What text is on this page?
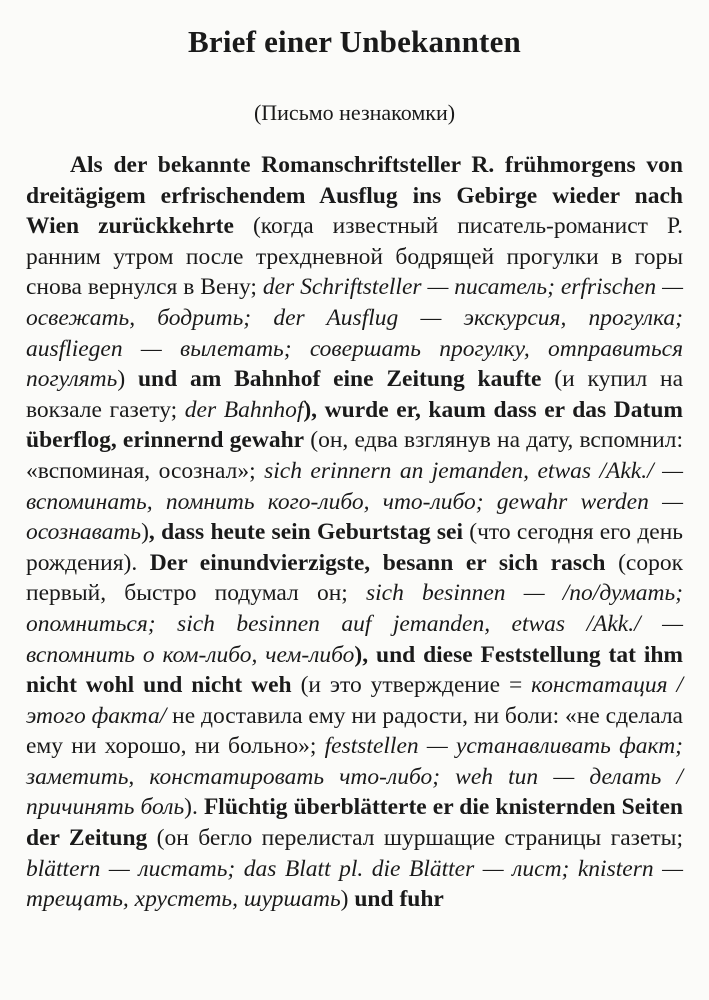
Brief einer Unbekannten
(Письмо незнакомки)

Als der bekannte Romanschriftsteller R. frühmorgens von dreitägigem erfrischendem Ausflug ins Gebirge wieder nach Wien zurückkehrte (когда известный писатель-романист Р. ранним утром после трехдневной бодрящей прогулки в горы снова вернулся в Вену; der Schriftsteller — писатель; erfrischen — освежать, бодрить; der Ausflug — экскурсия, прогулка; ausfliegen — вылетать; совершать прогулку, отправиться погулять) und am Bahnhof eine Zeitung kaufte (и купил на вокзале газету; der Bahnhof), wurde er, kaum dass er das Datum überflog, erinnernd gewahr (он, едва взглянув на дату, вспомнил: «вспоминая, осознал»; sich erinnern an jemanden, etwas /Akk./ — вспоминать, помнить кого-либо, что-либо; gewahr werden — осознавать), dass heute sein Geburtstag sei (что сегодня его день рождения). Der einundvierzigste, besann er sich rasch (сорок первый, быстро подумал он; sich besinnen — /по/думать; опомниться; sich besinnen auf jemanden, etwas /Akk./ — вспомнить о ком-либо, чем-либо), und diese Feststellung tat ihm nicht wohl und nicht weh (и это утверждение = констатация /этого факта/ не доставила ему ни радости, ни боли: «не сделала ему ни хорошо, ни больно»; feststellen — устанавливать факт; заметить, констатировать что-либо; weh tun — делать / причинять боль). Flüchtig überblätterte er die knisternden Seiten der Zeitung (он бегло перелистал шуршащие страницы газеты; blättern — листать; das Blatt pl. die Blätter — лист; knistern — трещать, хрустеть, шуршать) und fuhr
